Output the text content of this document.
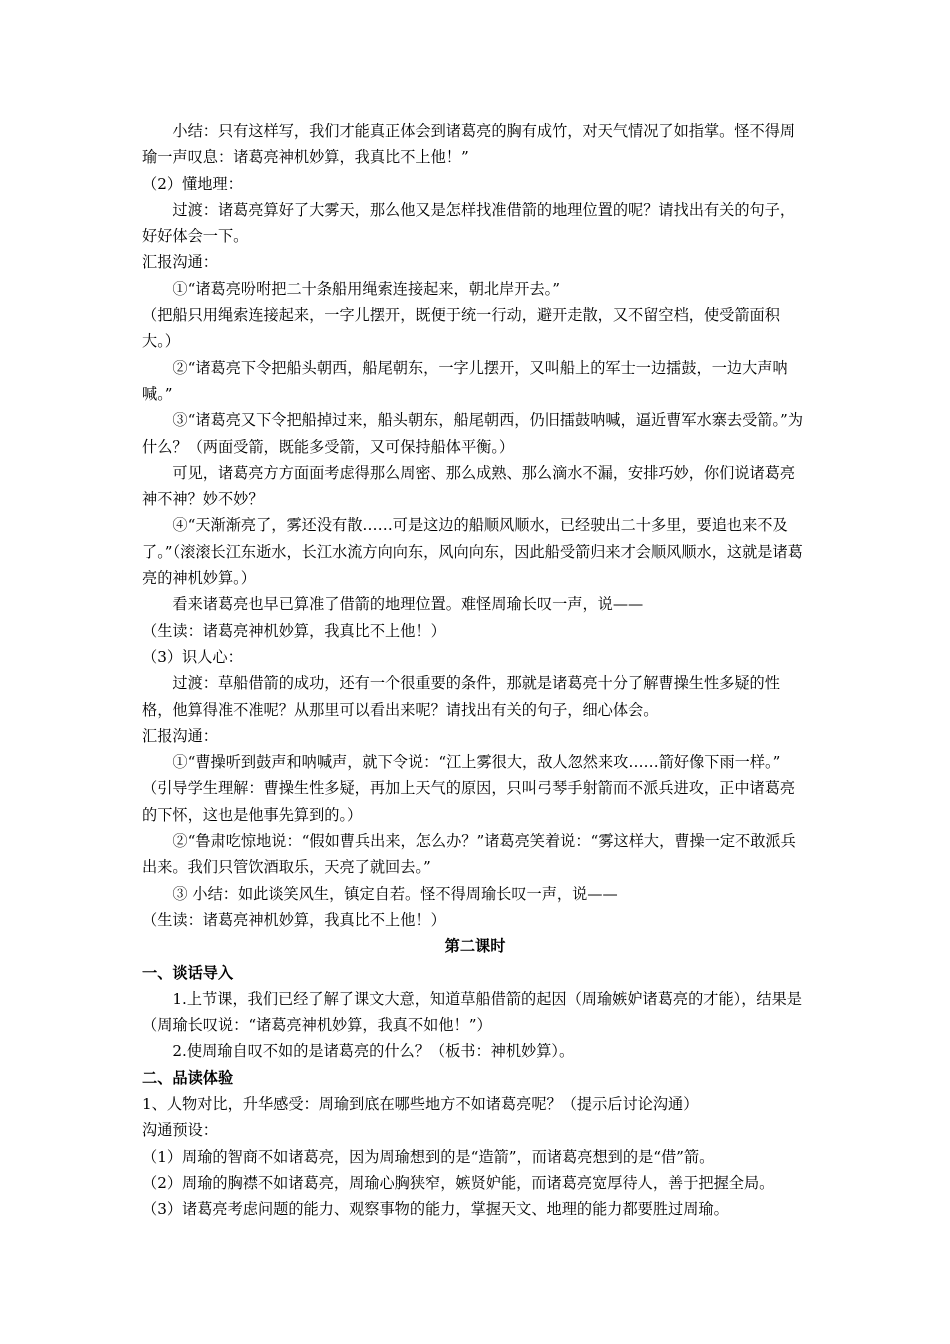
小结：只有这样写，我们才能真正体会到诸葛亮的胸有成竹，对天气情况了如指掌。怪不得周瑜一声叹息：诸葛亮神机妙算，我真比不上他！”

（2）懂地理：

过渡：诸葛亮算好了大雾天，那么他又是怎样找准借箭的地理位置的呢？请找出有关的句子，好好体会一下。

汇报沟通：

①“诸葛亮吩咐把二十条船用绳索连接起来，朝北岸开去。”

（把船只用绳索连接起来，一字儿摆开，既便于统一行动，避开走散，又不留空档，使受箭面积大。）

②“诸葛亮下令把船头朝西，船尾朝东，一字儿摆开，又叫船上的军士一边擂鼓，一边大声呐喊。”

③“诸葛亮又下令把船掉过来，船头朝东，船尾朝西，仍旧擂鼓呐喊，逼近曹军水寨去受箭。”为什么？（两面受箭，既能多受箭，又可保持船体平衡。）

可见，诸葛亮方方面面考虑得那么周密、那么成熟、那么滴水不漏，安排巧妙，你们说诸葛亮神不神？妙不妙？

④“天渐渐亮了，雾还没有散……可是这边的船顺风顺水，已经驶出二十多里，要追也来不及了。”（滚滚长江东逝水，长江水流方向向东，风向向东，因此船受箭归来才会顺风顺水，这就是诸葛亮的神机妙算。）

看来诸葛亮也早已算准了借箭的地理位置。难怪周瑜长叹一声，说——

（生读：诸葛亮神机妙算，我真比不上他！）

（3）识人心：

过渡：草船借箭的成功，还有一个很重要的条件，那就是诸葛亮十分了解曹操生性多疑的性格，他算得准不准呢？从那里可以看出来呢？请找出有关的句子，细心体会。

汇报沟通：

①“曹操听到鼓声和呐喊声，就下令说：“江上雾很大，敌人忽然来攻……箭好像下雨一样。”

（引导学生理解：曹操生性多疑，再加上天气的原因，只叫弓琴手射箭而不派兵进攻，正中诸葛亮的下怀，这也是他事先算到的。）

②“鲁肃吃惊地说：“假如曹兵出来，怎么办？”诸葛亮笑着说：“雾这样大，曹操一定不敢派兵出来。我们只管饮酒取乐，天亮了就回去。”

③ 小结：如此谈笑风生，镇定自若。怪不得周瑜长叹一声，说——

（生读：诸葛亮神机妙算，我真比不上他！）

第二课时

一、谈话导入

1.上节课，我们已经了解了课文大意，知道草船借箭的起因（周瑜嫉妒诸葛亮的才能），结果是（周瑜长叹说：“诸葛亮神机妙算，我真不如他！”）

2.使周瑜自叹不如的是诸葛亮的什么？（板书：神机妙算）。

二、品读体验

1、人物对比，升华感受：周瑜到底在哪些地方不如诸葛亮呢？（提示后讨论沟通）

沟通预设：

（1）周瑜的智商不如诸葛亮，因为周瑜想到的是“造箭”，而诸葛亮想到的是“借”箭。

（2）周瑜的胸襟不如诸葛亮，周瑜心胸狭窄，嫉贤妒能，而诸葛亮宽厚待人，善于把握全局。

（3）诸葛亮考虑问题的能力、观察事物的能力，掌握天文、地理的能力都要胜过周瑜。
